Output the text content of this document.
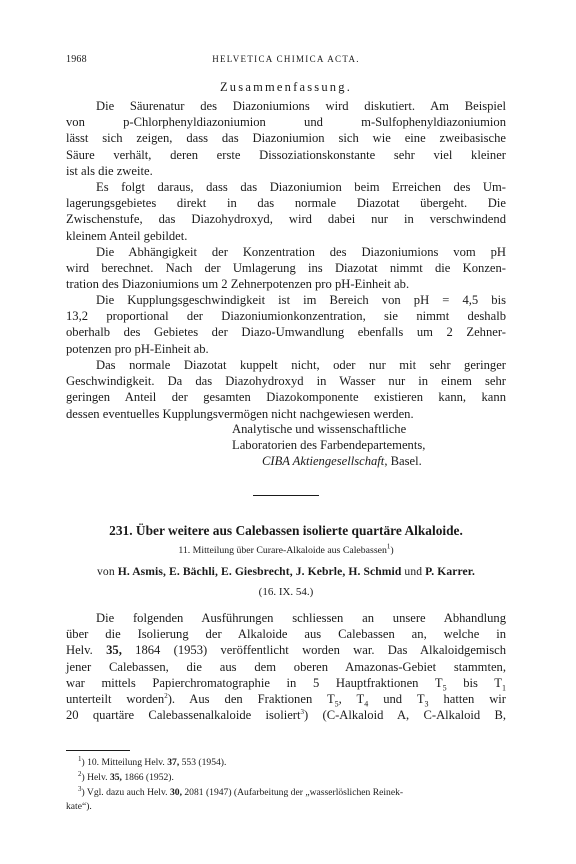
1968	HELVETICA CHIMICA ACTA.
Zusammenfassung.
Die Säurenatur des Diazoniumions wird diskutiert. Am Beispiel
von p-Chlorphenyldiazoniumion und m-Sulfophenyldiazoniumion
lässt sich zeigen, dass das Diazoniumion sich wie eine zweibasische
Säure verhält, deren erste Dissoziationskonstante sehr viel kleiner
ist als die zweite.
Es folgt daraus, dass das Diazoniumion beim Erreichen des Um-
lagerungsgebietes direkt in das normale Diazotat übergeht. Die
Zwischenstufe, das Diazohydroxyd, wird dabei nur in verschwindend
kleinem Anteil gebildet.
Die Abhängigkeit der Konzentration des Diazoniumions vom pH
wird berechnet. Nach der Umlagerung ins Diazotat nimmt die Konzen-
tration des Diazoniumions um 2 Zehnerpotenzen pro pH-Einheit ab.
Die Kupplungsgeschwindigkeit ist im Bereich von pH = 4,5 bis
13,2 proportional der Diazoniumionkonzentration, sie nimmt deshalb
oberhalb des Gebietes der Diazo-Umwandlung ebenfalls um 2 Zehner-
potenzen pro pH-Einheit ab.
Das normale Diazotat kuppelt nicht, oder nur mit sehr geringer
Geschwindigkeit. Da das Diazohydroxyd in Wasser nur in einem sehr
geringen Anteil der gesamten Diazokomponente existieren kann, kann
dessen eventuelles Kupplungsvermögen nicht nachgewiesen werden.
Analytische und wissenschaftliche
Laboratorien des Farbendepartements,
CIBA Aktiengesellschaft, Basel.
231. Über weitere aus Calebassen isolierte quartäre Alkaloide.
11. Mitteilung über Curare-Alkaloide aus Calebassen$^1$)
von H. Asmis, E. Bächli, E. Giesbrecht, J. Kebrle, H. Schmid und P. Karrer.
(16. IX. 54.)
Die folgenden Ausführungen schliessen an unsere Abhandlung
über die Isolierung der Alkaloide aus Calebassen an, welche in
Helv. 35, 1864 (1953) veröffentlicht worden war. Das Alkaloidgemisch
jener Calebassen, die aus dem oberen Amazonas-Gebiet stammten,
war mittels Papierchromatographie in 5 Hauptfraktionen $T_5$ bis $T_1$
unterteilt worden$^2$). Aus den Fraktionen $T_5$, $T_4$ und $T_3$ hatten wir
20 quartäre Calebassenalkaloide isoliert$^3$) (C-Alkaloid A, C-Alkaloid B,
$^1$) 10. Mitteilung Helv. 37, 553 (1954).
$^2$) Helv. 35, 1866 (1952).
$^3$) Vgl. dazu auch Helv. 30, 2081 (1947) (Aufarbeitung der „wasserlöslichen Reinek-
kate“).
